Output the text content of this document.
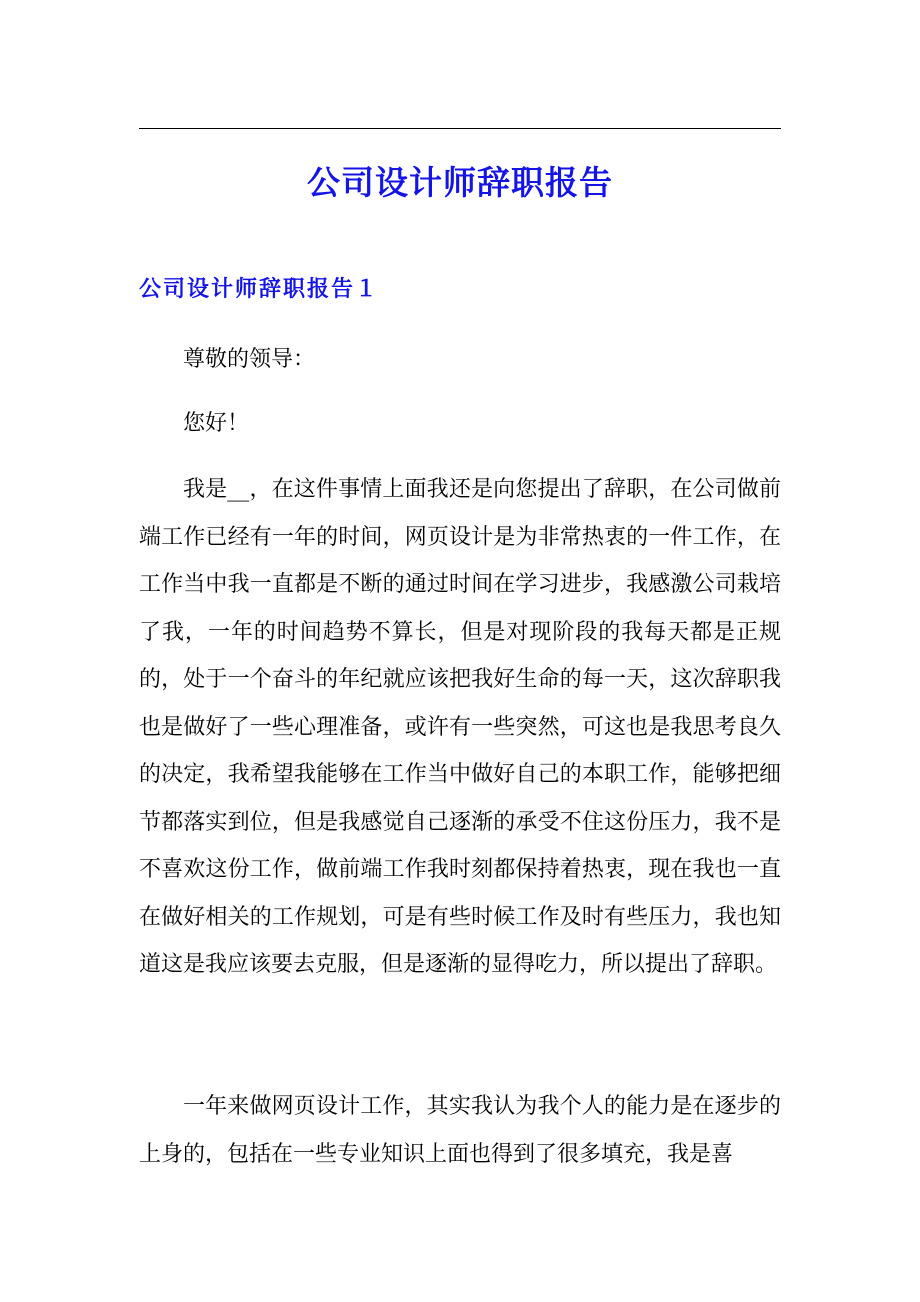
公司设计师辞职报告
公司设计师辞职报告１
尊敬的领导：
您好！
我是__，在这件事情上面我还是向您提出了辞职，在公司做前端工作已经有一年的时间，网页设计是为非常热衷的一件工作，在工作当中我一直都是不断的通过时间在学习进步，我感激公司栽培了我，一年的时间趋势不算长，但是对现阶段的我每天都是正规的，处于一个奋斗的年纪就应该把我好生命的每一天，这次辞职我也是做好了一些心理准备，或许有一些突然，可这也是我思考良久的决定，我希望我能够在工作当中做好自己的本职工作，能够把细节都落实到位，但是我感觉自己逐渐的承受不住这份压力，我不是不喜欢这份工作，做前端工作我时刻都保持着热衷，现在我也一直在做好相关的工作规划，可是有些时候工作及时有些压力，我也知道这是我应该要去克服，但是逐渐的显得吃力，所以提出了辞职。
一年来做网页设计工作，其实我认为我个人的能力是在逐步的上身的，包括在一些专业知识上面也得到了很多填充，我是喜
